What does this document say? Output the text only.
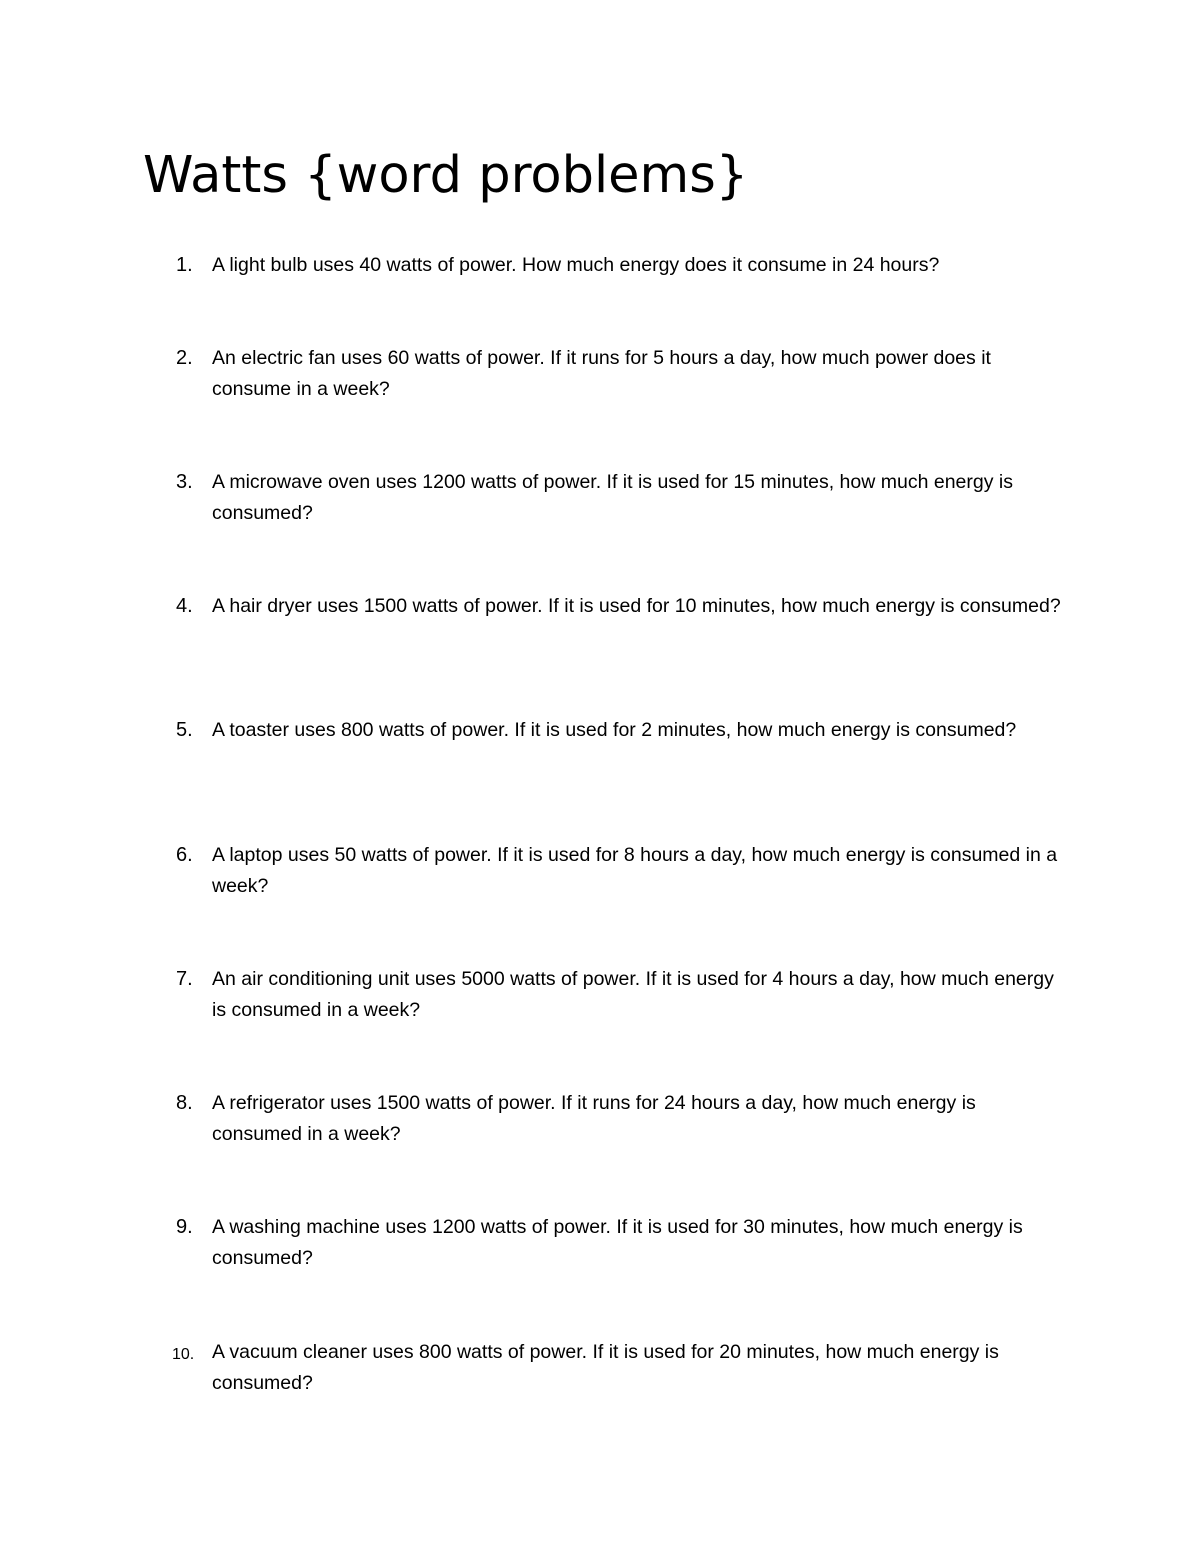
Watts {word problems}
1. A light bulb uses 40 watts of power. How much energy does it consume in 24 hours?

2. An electric fan uses 60 watts of power. If it runs for 5 hours a day, how much power does it consume in a week?

3. A microwave oven uses 1200 watts of power. If it is used for 15 minutes, how much energy is consumed?

4. A hair dryer uses 1500 watts of power. If it is used for 10 minutes, how much energy is consumed?

5. A toaster uses 800 watts of power. If it is used for 2 minutes, how much energy is consumed?

6. A laptop uses 50 watts of power. If it is used for 8 hours a day, how much energy is consumed in a week?

7. An air conditioning unit uses 5000 watts of power. If it is used for 4 hours a day, how much energy is consumed in a week?

8. A refrigerator uses 1500 watts of power. If it runs for 24 hours a day, how much energy is consumed in a week?

9. A washing machine uses 1200 watts of power. If it is used for 30 minutes, how much energy is consumed?

10. A vacuum cleaner uses 800 watts of power. If it is used for 20 minutes, how much energy is consumed?
